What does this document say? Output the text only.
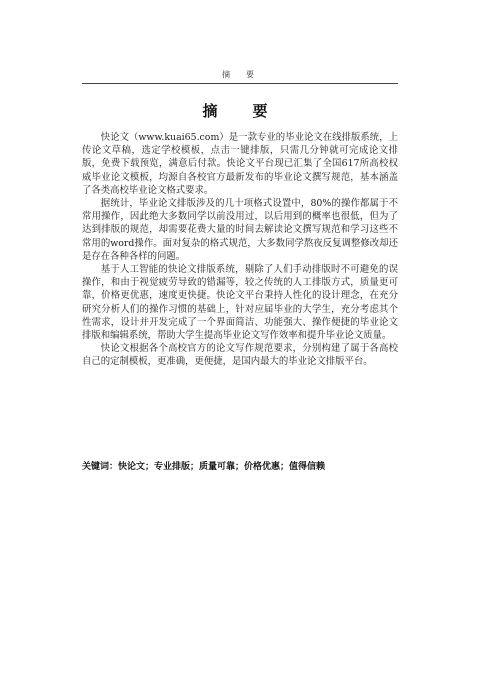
摘　要
摘　要

快论文（www.kuai65.com）是一款专业的毕业论文在线排版系统，上传论文草稿，选定学校模板，点击一键排版，只需几分钟就可完成论文排版，免费下载预览，满意后付款。快论文平台现已汇集了全国617所高校权威毕业论文模板，均源自各校官方最新发布的毕业论文撰写规范，基本涵盖了各类高校毕业论文格式要求。

据统计，毕业论文排版涉及的几十项格式设置中，80%的操作都属于不常用操作，因此绝大多数同学以前没用过，以后用到的概率也很低，但为了达到排版的规范，却需要花费大量的时间去解读论文撰写规范和学习这些不常用的word操作。面对复杂的格式规范，大多数同学熬夜反复调整修改却还是存在各种各样的问题。

基于人工智能的快论文排版系统，剔除了人们手动排版时不可避免的误操作，和由于视觉疲劳导致的错漏等，较之传统的人工排版方式，质量更可靠，价格更优惠，速度更快捷。快论文平台秉持人性化的设计理念，在充分研究分析人们的操作习惯的基础上，针对应届毕业的大学生，充分考虑其个性需求，设计并开发完成了一个界面简洁、功能强大、操作便捷的毕业论文排版和编辑系统，帮助大学生提高毕业论文写作效率和提升毕业论文质量。

快论文根据各个高校官方的论文写作规范要求，分别构建了属于各高校自己的定制模板，更准确，更便捷，是国内最大的毕业论文排版平台。

关键词：快论文；专业排版；质量可靠；价格优惠；值得信赖
